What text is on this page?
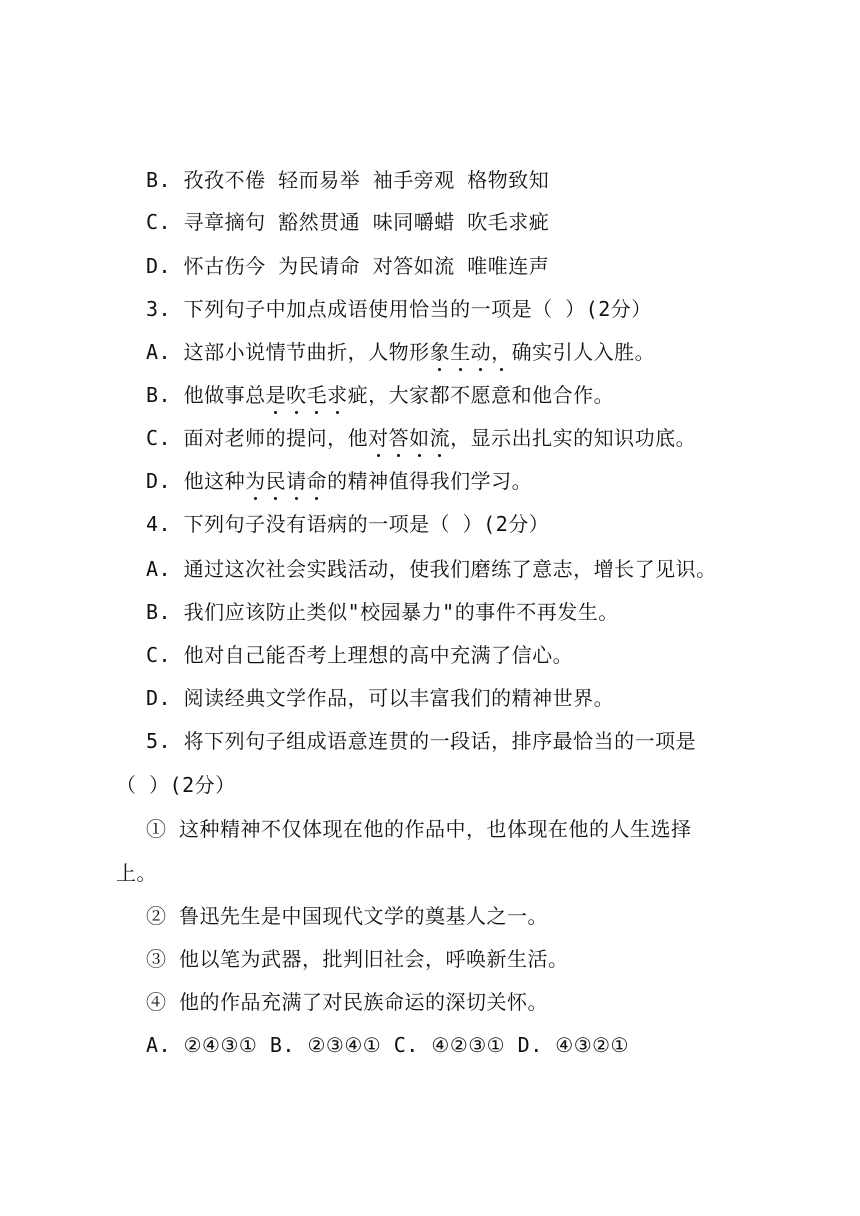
B. 孜孜不倦 轻而易举 袖手旁观 格物致知
C. 寻章摘句 豁然贯通 味同嚼蜡 吹毛求疵
D. 怀古伤今 为民请命 对答如流 唯唯连声
3. 下列句子中加点成语使用恰当的一项是（ ）(2分）
A. 这部小说情节曲折，人物形象生动，确实引人入胜。
B. 他做事总是吹毛求疵，大家都不愿意和他合作。
C. 面对老师的提问，他对答如流，显示出扎实的知识功底。
D. 他这种为民请命的精神值得我们学习。
4. 下列句子没有语病的一项是（ ）(2分）
A. 通过这次社会实践活动，使我们磨练了意志，增长了见识。
B. 我们应该防止类似"校园暴力"的事件不再发生。
C. 他对自己能否考上理想的高中充满了信心。
D. 阅读经典文学作品，可以丰富我们的精神世界。
5. 将下列句子组成语意连贯的一段话，排序最恰当的一项是
（ ）(2分）
① 这种精神不仅体现在他的作品中，也体现在他的人生选择
上。
② 鲁迅先生是中国现代文学的奠基人之一。
③ 他以笔为武器，批判旧社会，呼唤新生活。
④ 他的作品充满了对民族命运的深切关怀。
A. ②④③① B. ②③④① C. ④②③① D. ④③②①
